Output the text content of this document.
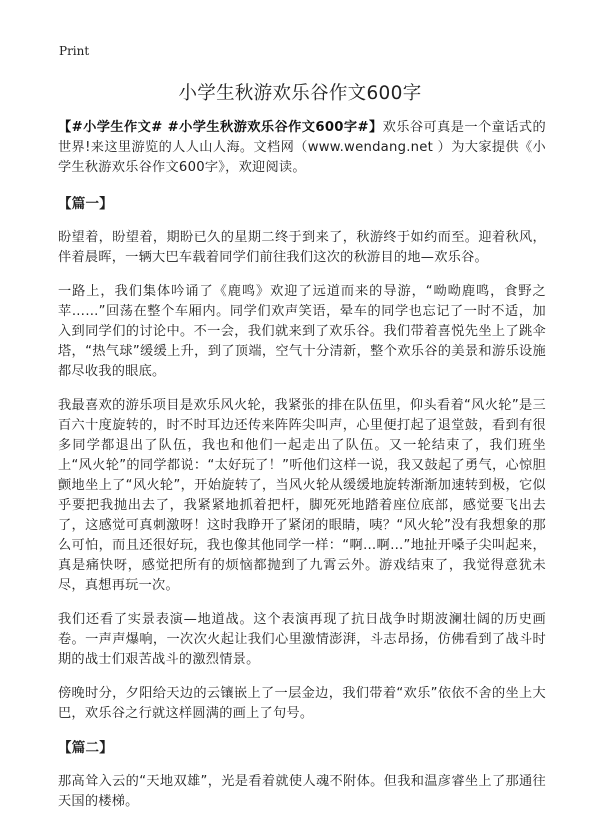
Print
小学生秋游欢乐谷作文600字

【#小学生作文# #小学生秋游欢乐谷作文600字#】欢乐谷可真是一个童话式的世界!来这里游览的人人山人海。文档网（www.wendang.net ）为大家提供《小学生秋游欢乐谷作文600字》，欢迎阅读。

【篇一】

盼望着，盼望着，期盼已久的星期二终于到来了，秋游终于如约而至。迎着秋风，伴着晨晖，一辆大巴车载着同学们前往我们这次的秋游目的地—欢乐谷。

一路上，我们集体吟诵了《鹿鸣》欢迎了远道而来的导游，“呦呦鹿鸣，食野之苹……”回荡在整个车厢内。同学们欢声笑语，晕车的同学也忘记了一时不适，加入到同学们的讨论中。不一会，我们就来到了欢乐谷。我们带着喜悦先坐上了跳伞塔，“热气球”缓缓上升，到了顶端，空气十分清新，整个欢乐谷的美景和游乐设施都尽收我的眼底。

我最喜欢的游乐项目是欢乐风火轮，我紧张的排在队伍里，仰头看着“风火轮”是三百六十度旋转的，时不时耳边还传来阵阵尖叫声，心里便打起了退堂鼓，看到有很多同学都退出了队伍，我也和他们一起走出了队伍。又一轮结束了，我们班坐上“风火轮”的同学都说：“太好玩了！”听他们这样一说，我又鼓起了勇气，心惊胆颤地坐上了“风火轮”，开始旋转了，当风火轮从缓缓地旋转渐渐加速转到极，它似乎要把我抛出去了，我紧紧地抓着把杆，脚死死地踏着座位底部，感觉要飞出去了，这感觉可真刺激呀！这时我睁开了紧闭的眼睛，咦？“风火轮”没有我想象的那么可怕，而且还很好玩，我也像其他同学一样：“啊…啊…”地扯开嗓子尖叫起来，真是痛快呀，感觉把所有的烦恼都抛到了九霄云外。游戏结束了，我觉得意犹未尽，真想再玩一次。

我们还看了实景表演—地道战。这个表演再现了抗日战争时期波澜壮阔的历史画卷。一声声爆响，一次次火起让我们心里激情澎湃，斗志昂扬，仿佛看到了战斗时期的战士们艰苦战斗的激烈情景。

傍晚时分，夕阳给天边的云镶嵌上了一层金边，我们带着“欢乐”依依不舍的坐上大巴，欢乐谷之行就这样圆满的画上了句号。

【篇二】

那高耸入云的“天地双雄”，光是看着就使人魂不附体。但我和温彦睿坐上了那通往天国的楼梯。
